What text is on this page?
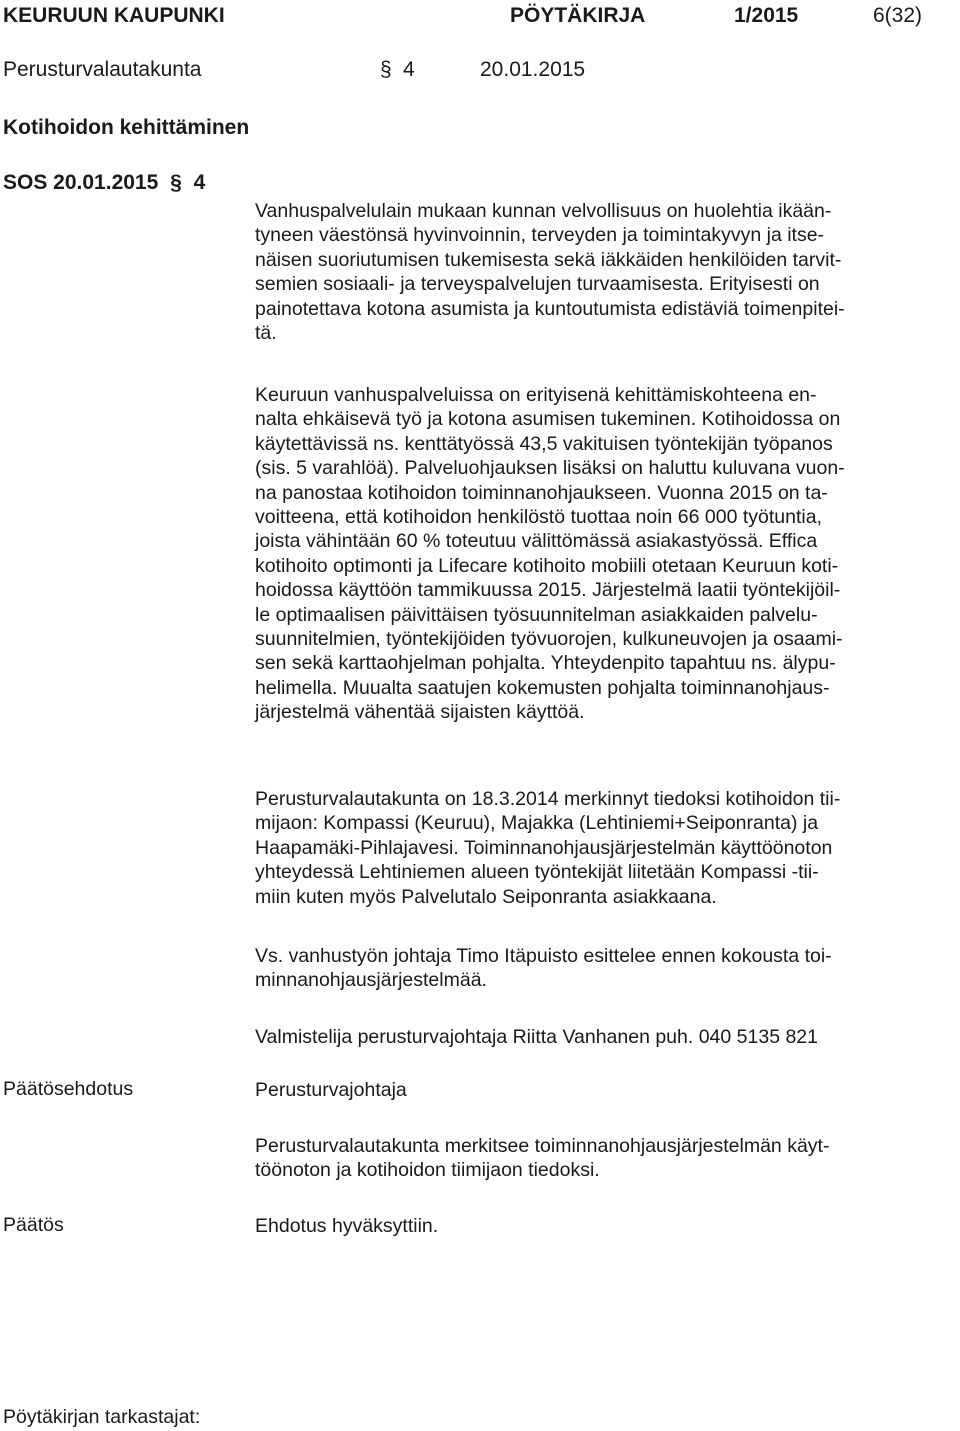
KEURUUN KAUPUNKI	PÖYTÄKIRJA	1/2015	6(32)
Perusturvalautakunta	§ 4	20.01.2015
Kotihoidon kehittäminen
SOS 20.01.2015 § 4
Vanhuspalvelulain mukaan kunnan velvollisuus on huolehtia ikään-
tyneen väestönsä hyvinvoinnin, terveyden ja toimintakyvyn ja itse-
näisen suoriutumisen tukemisesta sekä iäkkäiden henkilöiden tarvit-
semien sosiaali- ja terveyspalvelujen turvaamisesta. Erityisesti on
painotettava kotona asumista ja kuntoutumista edistäviä toimenpitei-
tä.
Keuruun vanhuspalveluissa on erityisenä kehittämiskohteena en-
nalta ehkäisevä työ ja kotona asumisen tukeminen. Kotihoidossa on
käytettävissä ns. kenttätyössä 43,5 vakituisen työntekijän työpanos
(sis. 5 varahlöä). Palveluohjauksen lisäksi on haluttu kuluvana vuon-
na panostaa kotihoidon toiminnanohjaukseen. Vuonna 2015 on ta-
voitteena, että kotihoidon henkilöstö tuottaa noin 66 000 työtuntia,
joista vähintään 60 % toteutuu välittömässä asiakastyössä. Effica
kotihoito optimonti ja Lifecare kotihoito mobiili otetaan Keuruun koti-
hoidossa käyttöön tammikuussa 2015. Järjestelmä laatii työntekijöil-
le optimaalisen päivittäisen työsuunnitelman asiakkaiden palvelu-
suunnitelmien, työntekijöiden työvuorojen, kulkuneuvojen ja osaami-
sen sekä karttaohjelman pohjalta. Yhteydenpito tapahtuu ns. älypu-
helimella. Muualta saatujen kokemusten pohjalta toiminnanohjaus-
järjestelmä vähentää sijaisten käyttöä.
Perusturvalautakunta on 18.3.2014 merkinnyt tiedoksi kotihoidon tii-
mijaon: Kompassi (Keuruu), Majakka (Lehtiniemi+Seiponranta) ja
Haapamäki-Pihlajavesi. Toiminnanohjausjärjestelmän käyttöönoton
yhteydessä Lehtiniemen alueen työntekijät liitetään Kompassi -tii-
miin kuten myös Palvelutalo Seiponranta asiakkaana.
Vs. vanhustyön johtaja Timo Itäpuisto esittelee ennen kokousta toi-
minnanohjausjärjestelmää.
Valmistelija perusturvajohtaja Riitta Vanhanen puh. 040 5135 821
Päätösehdotus	Perusturvajohtaja
Perusturvalautakunta merkitsee toiminnanohjausjärjestelmän käyt-
töönoton ja kotihoidon tiimijaon tiedoksi.
Päätös	Ehdotus hyväksyttiin.
Pöytäkirjan tarkastajat:
